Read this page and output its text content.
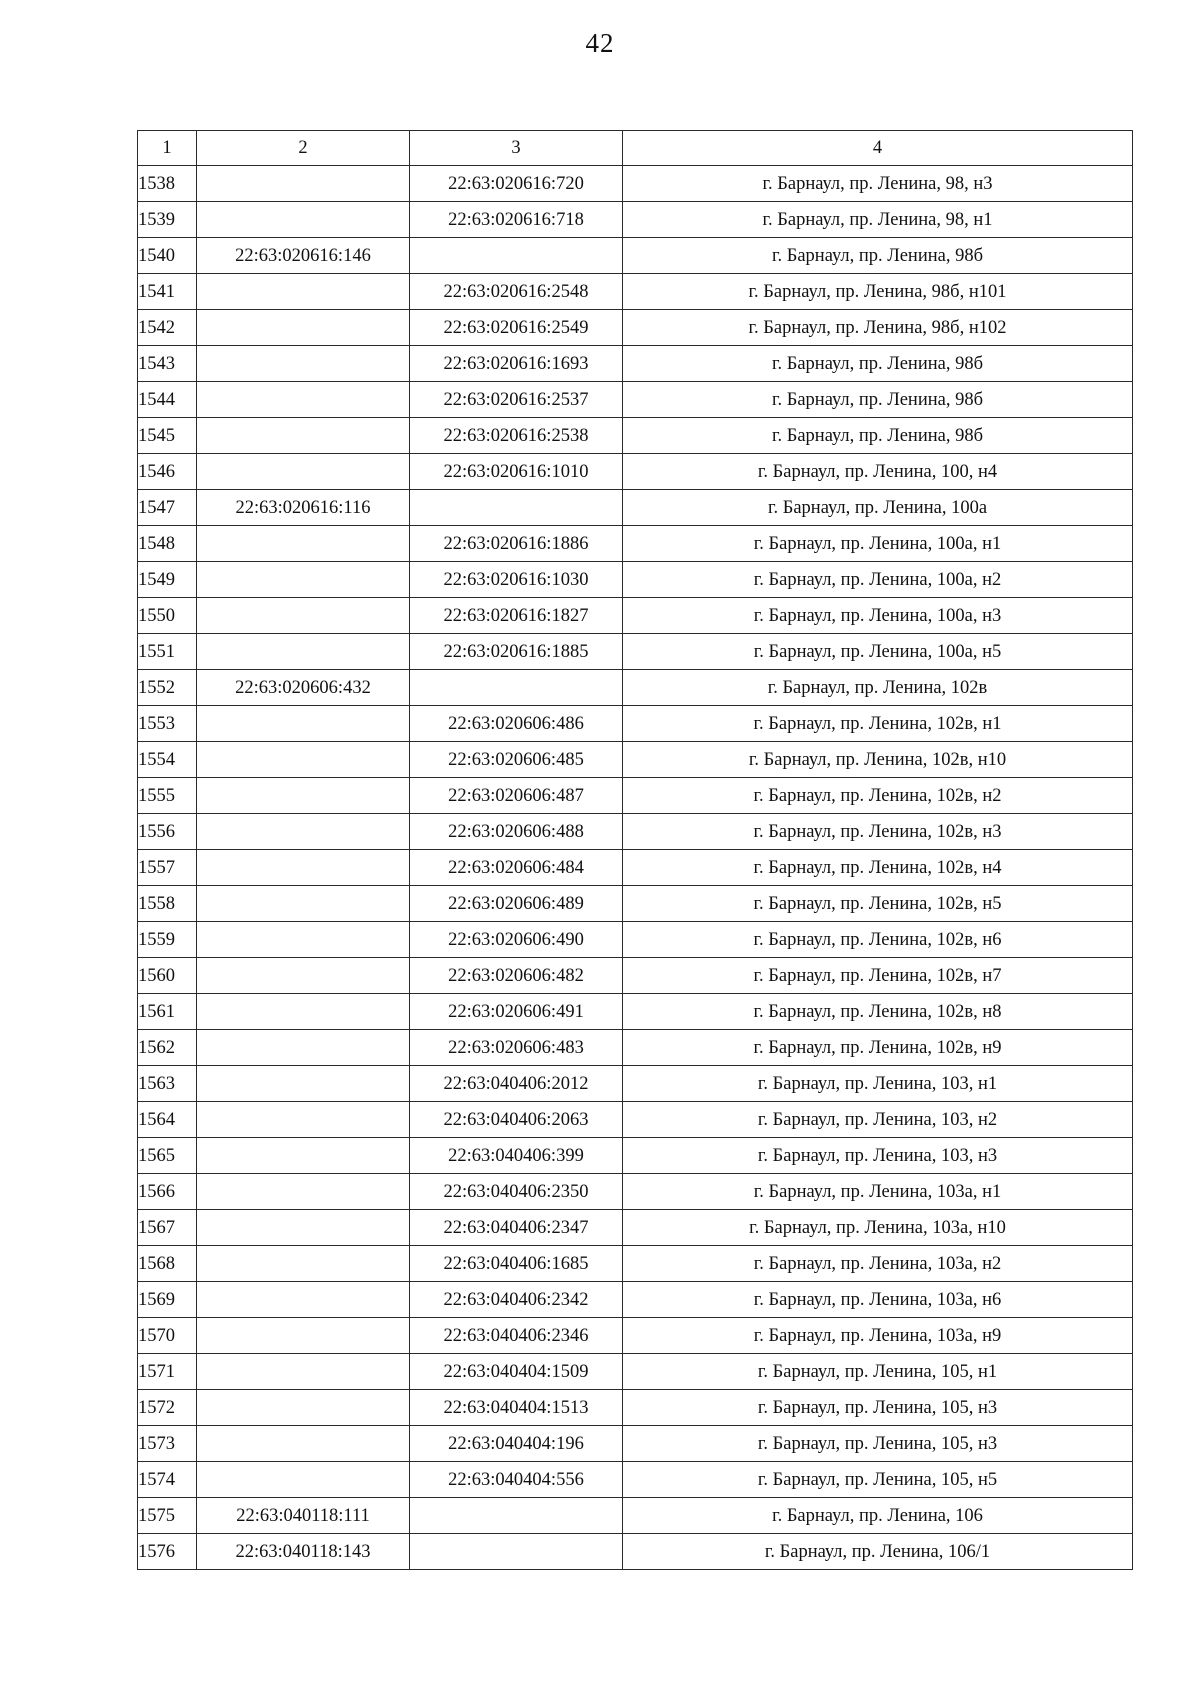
42
1	2	3	4
1538		22:63:020616:720	г. Барнаул, пр. Ленина, 98, н3
1539		22:63:020616:718	г. Барнаул, пр. Ленина, 98, н1
1540	22:63:020616:146		г. Барнаул, пр. Ленина, 98б
1541		22:63:020616:2548	г. Барнаул, пр. Ленина, 98б, н101
1542		22:63:020616:2549	г. Барнаул, пр. Ленина, 98б, н102
1543		22:63:020616:1693	г. Барнаул, пр. Ленина, 98б
1544		22:63:020616:2537	г. Барнаул, пр. Ленина, 98б
1545		22:63:020616:2538	г. Барнаул, пр. Ленина, 98б
1546		22:63:020616:1010	г. Барнаул, пр. Ленина, 100, н4
1547	22:63:020616:116		г. Барнаул, пр. Ленина, 100а
1548		22:63:020616:1886	г. Барнаул, пр. Ленина, 100а, н1
1549		22:63:020616:1030	г. Барнаул, пр. Ленина, 100а, н2
1550		22:63:020616:1827	г. Барнаул, пр. Ленина, 100а, н3
1551		22:63:020616:1885	г. Барнаул, пр. Ленина, 100а, н5
1552	22:63:020606:432		г. Барнаул, пр. Ленина, 102в
1553		22:63:020606:486	г. Барнаул, пр. Ленина, 102в, н1
1554		22:63:020606:485	г. Барнаул, пр. Ленина, 102в, н10
1555		22:63:020606:487	г. Барнаул, пр. Ленина, 102в, н2
1556		22:63:020606:488	г. Барнаул, пр. Ленина, 102в, н3
1557		22:63:020606:484	г. Барнаул, пр. Ленина, 102в, н4
1558		22:63:020606:489	г. Барнаул, пр. Ленина, 102в, н5
1559		22:63:020606:490	г. Барнаул, пр. Ленина, 102в, н6
1560		22:63:020606:482	г. Барнаул, пр. Ленина, 102в, н7
1561		22:63:020606:491	г. Барнаул, пр. Ленина, 102в, н8
1562		22:63:020606:483	г. Барнаул, пр. Ленина, 102в, н9
1563		22:63:040406:2012	г. Барнаул, пр. Ленина, 103, н1
1564		22:63:040406:2063	г. Барнаул, пр. Ленина, 103, н2
1565		22:63:040406:399	г. Барнаул, пр. Ленина, 103, н3
1566		22:63:040406:2350	г. Барнаул, пр. Ленина, 103а, н1
1567		22:63:040406:2347	г. Барнаул, пр. Ленина, 103а, н10
1568		22:63:040406:1685	г. Барнаул, пр. Ленина, 103а, н2
1569		22:63:040406:2342	г. Барнаул, пр. Ленина, 103а, н6
1570		22:63:040406:2346	г. Барнаул, пр. Ленина, 103а, н9
1571		22:63:040404:1509	г. Барнаул, пр. Ленина, 105, н1
1572		22:63:040404:1513	г. Барнаул, пр. Ленина, 105, н3
1573		22:63:040404:196	г. Барнаул, пр. Ленина, 105, н3
1574		22:63:040404:556	г. Барнаул, пр. Ленина, 105, н5
1575	22:63:040118:111		г. Барнаул, пр. Ленина, 106
1576	22:63:040118:143		г. Барнаул, пр. Ленина, 106/1
